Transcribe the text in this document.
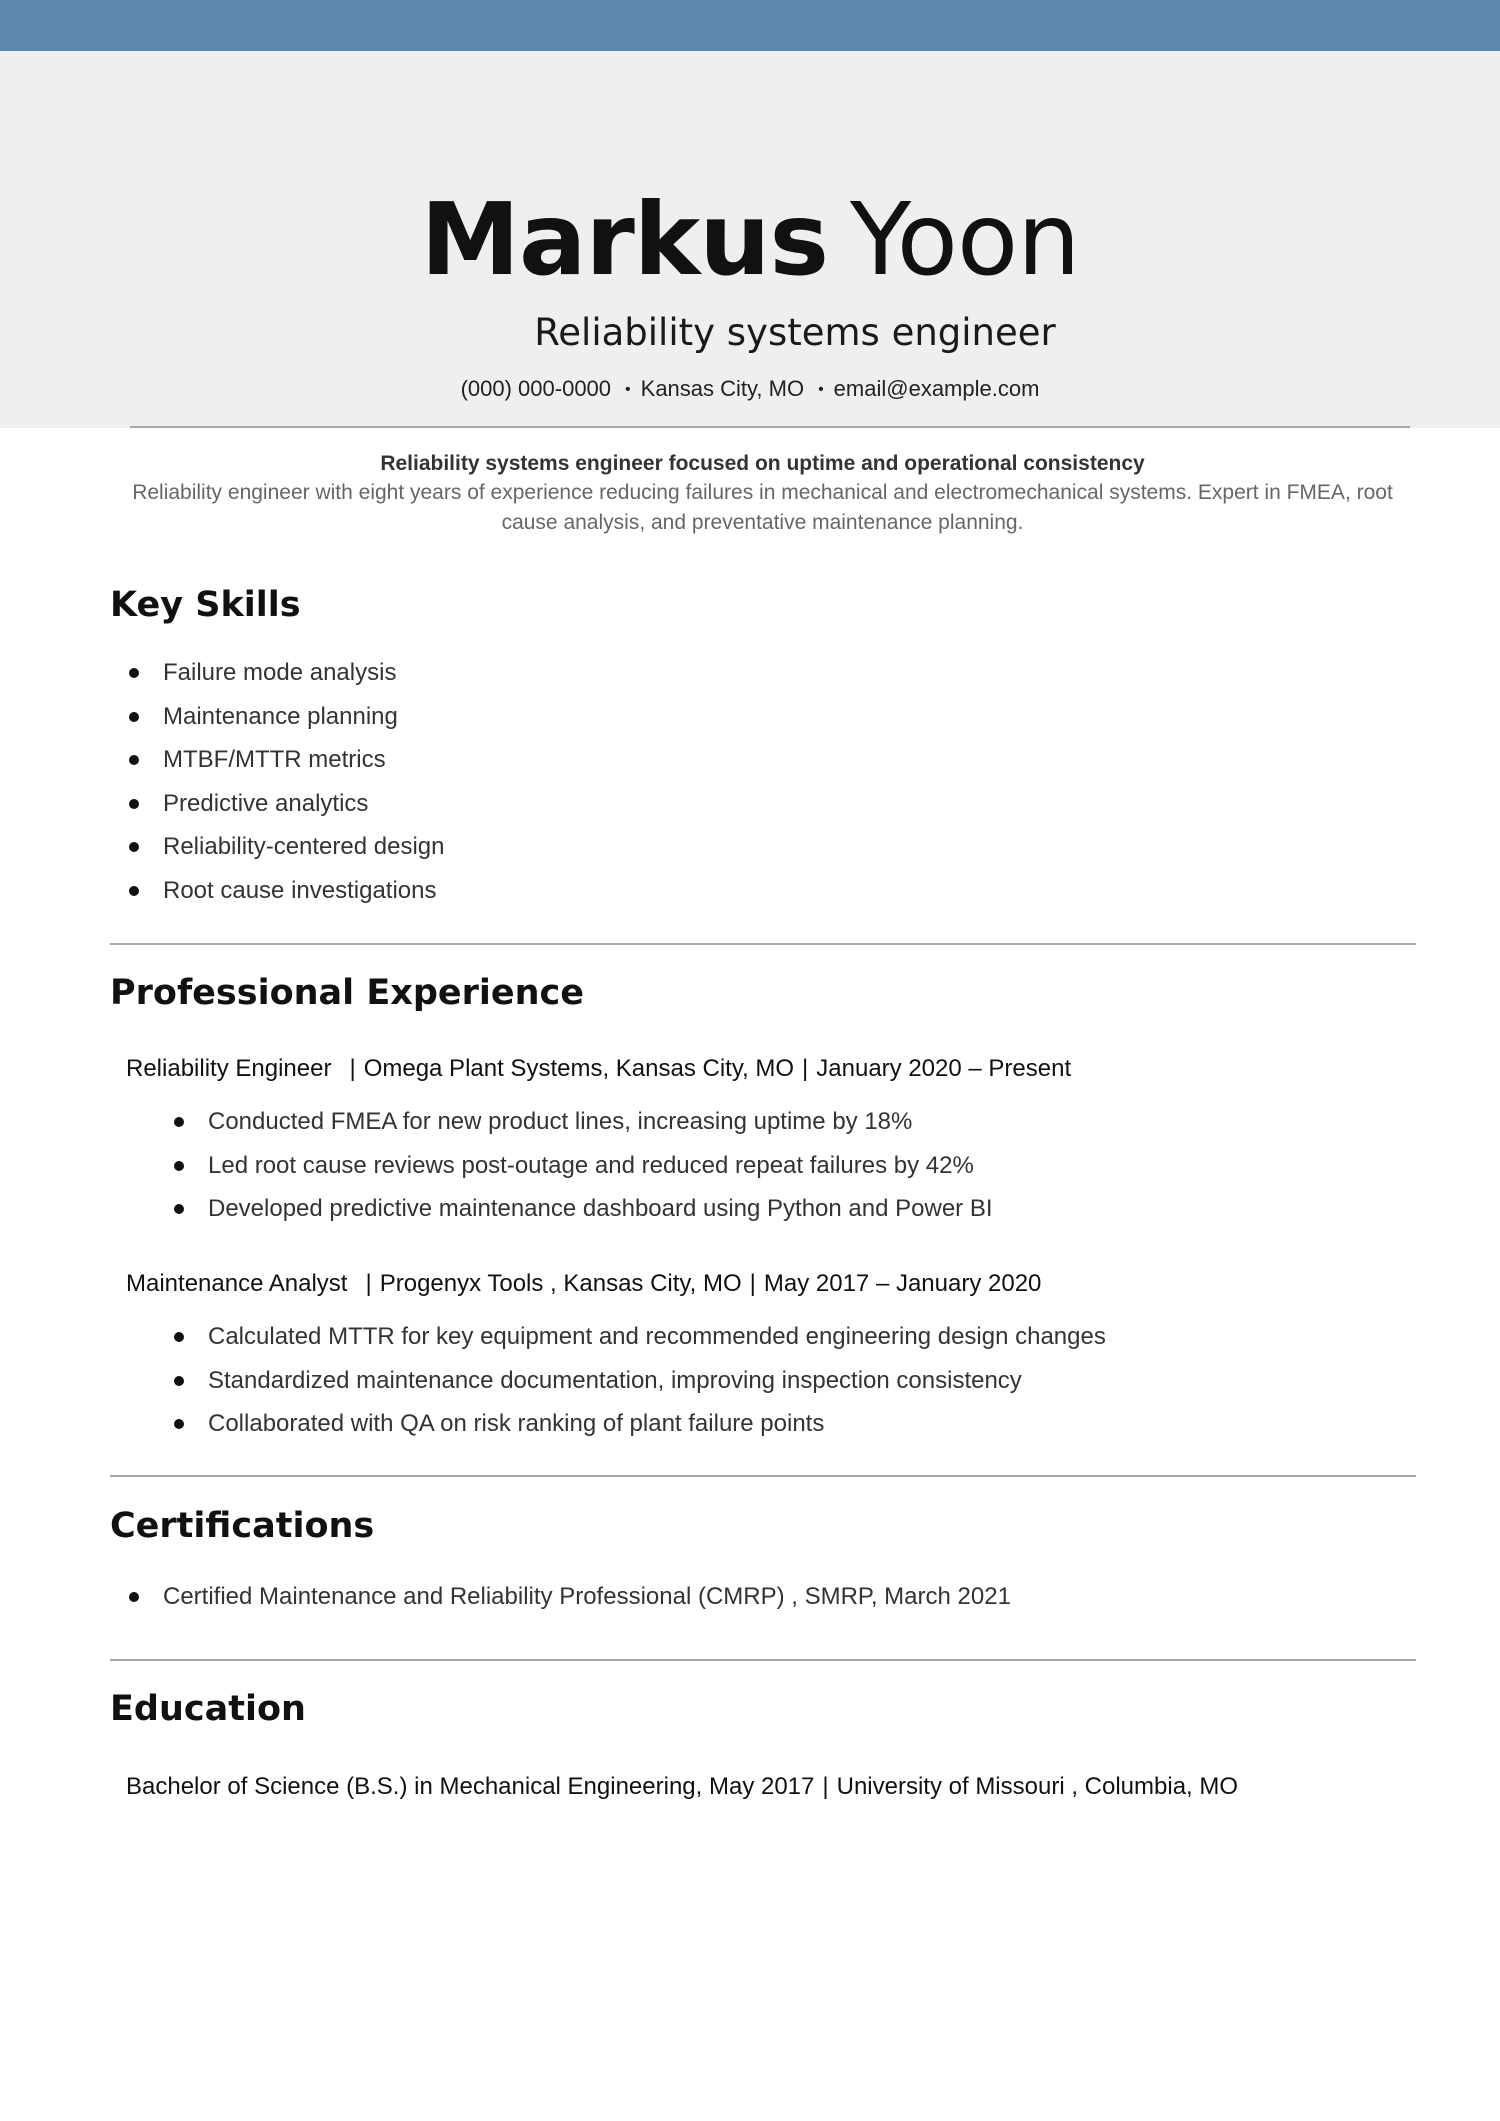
Markus Yoon
Reliability systems engineer
(000) 000-0000 • Kansas City, MO • email@example.com
Reliability systems engineer focused on uptime and operational consistency
Reliability engineer with eight years of experience reducing failures in mechanical and electromechanical systems. Expert in FMEA, root cause analysis, and preventative maintenance planning.
Key Skills
Failure mode analysis
Maintenance planning
MTBF/MTTR metrics
Predictive analytics
Reliability-centered design
Root cause investigations
Professional Experience
Reliability Engineer | Omega Plant Systems, Kansas City, MO | January 2020 – Present
Conducted FMEA for new product lines, increasing uptime by 18%
Led root cause reviews post-outage and reduced repeat failures by 42%
Developed predictive maintenance dashboard using Python and Power BI
Maintenance Analyst | Progenyx Tools , Kansas City, MO | May 2017 – January 2020
Calculated MTTR for key equipment and recommended engineering design changes
Standardized maintenance documentation, improving inspection consistency
Collaborated with QA on risk ranking of plant failure points
Certifications
Certified Maintenance and Reliability Professional (CMRP) , SMRP, March 2021
Education
Bachelor of Science (B.S.) in Mechanical Engineering, May 2017 | University of Missouri , Columbia, MO
